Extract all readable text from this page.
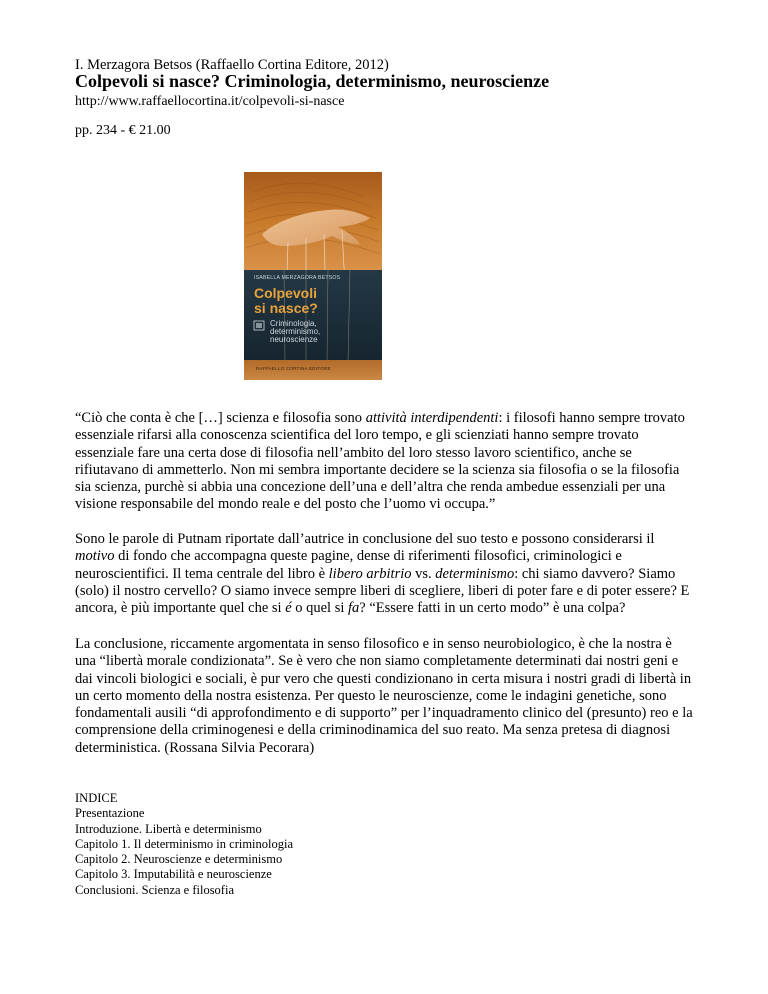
I. Merzagora Betsos (Raffaello Cortina Editore, 2012)
Colpevoli si nasce? Criminologia, determinismo, neuroscienze
http://www.raffaellocortina.it/colpevoli-si-nasce
pp. 234 - € 21.00
ISABELLA MERZAGORA BETSOS
Colpevoli
si nasce?
Criminologia,
determinismo,
neuroscienze
RAFFAELLO CORTINA EDITORE
“Ciò che conta è che […] scienza e filosofia sono attività interdipendenti: i filosofi hanno sempre trovato essenziale rifarsi alla conoscenza scientifica del loro tempo, e gli scienziati hanno sempre trovato essenziale fare una certa dose di filosofia nell’ambito del loro stesso lavoro scientifico, anche se rifiutavano di ammetterlo. Non mi sembra importante decidere se la scienza sia filosofia o se la filosofia sia scienza, purchè si abbia una concezione dell’una e dell’altra che renda ambedue essenziali per una visione responsabile del mondo reale e del posto che l’uomo vi occupa.”
Sono le parole di Putnam riportate dall’autrice in conclusione del suo testo e possono considerarsi il motivo di fondo che accompagna queste pagine, dense di riferimenti filosofici, criminologici e neuroscientifici. Il tema centrale del libro è libero arbitrio vs. determinismo: chi siamo davvero? Siamo (solo) il nostro cervello? O siamo invece sempre liberi di scegliere, liberi di poter fare e di poter essere? E ancora, è più importante quel che si é o quel si fa? “Essere fatti in un certo modo” è una colpa?
La conclusione, riccamente argomentata in senso filosofico e in senso neurobiologico, è che la nostra è una “libertà morale condizionata”. Se è vero che non siamo completamente determinati dai nostri geni e dai vincoli biologici e sociali, è pur vero che questi condizionano in certa misura i nostri gradi di libertà in un certo momento della nostra esistenza. Per questo le neuroscienze, come le indagini genetiche, sono fondamentali ausili “di approfondimento e di supporto” per l’inquadramento clinico del (presunto) reo e la comprensione della criminogenesi e della criminodinamica del suo reato. Ma senza pretesa di diagnosi deterministica. (Rossana Silvia Pecorara)
INDICE
Presentazione
Introduzione. Libertà e determinismo
Capitolo 1. Il determinismo in criminologia
Capitolo 2. Neuroscienze e determinismo
Capitolo 3. Imputabilità e neuroscienze
Conclusioni. Scienza e filosofia
